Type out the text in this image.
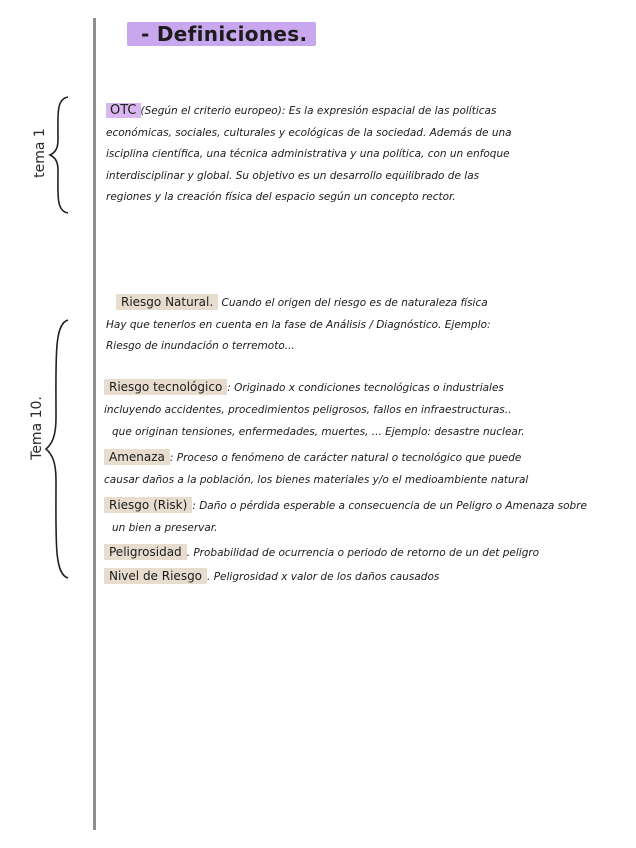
- Definiciones.
tema 1
Tema 10.
OTC (Según el criterio europeo): Es la expresión espacial de las políticas
económicas, sociales, culturales y ecológicas de la sociedad. Además de una
isciplina científica, una técnica administrativa y una política, con un enfoque
interdisciplinar y global. Su objetivo es un desarrollo equilibrado de las
regiones y la creación física del espacio según un concepto rector.
Riesgo Natural. Cuando el origen del riesgo es de naturaleza física
Hay que tenerlos en cuenta en la fase de Análisis / Diagnóstico. Ejemplo:
Riesgo de inundación o terremoto...
Riesgo tecnológico : Originado x condiciones tecnológicas o industriales
incluyendo accidentes, procedimientos peligrosos, fallos en infraestructuras..

que originan tensiones, enfermedades, muertes, ... Ejemplo: desastre nuclear.
Amenaza : Proceso o fenómeno de carácter natural o tecnológico que puede
causar daños a la población, los bienes materiales y/o el medioambiente natural
Riesgo (Risk) : Daño o pérdida esperable a consecuencia de un Peligro o Amenaza sobre

un bien a preservar.
Peligrosidad . Probabilidad de ocurrencia o periodo de retorno de un det peligro
Nivel de Riesgo . Peligrosidad x valor de los daños causados
